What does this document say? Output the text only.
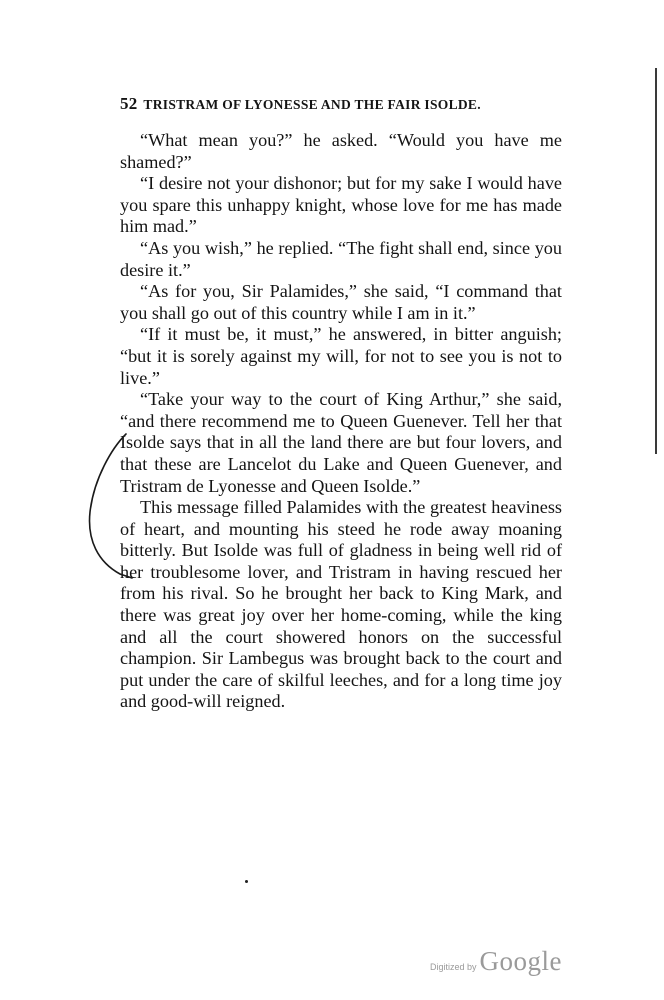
52 TRISTRAM OF LYONESSE AND THE FAIR ISOLDE.

“What mean you?” he asked. “Would you have me shamed?”

“I desire not your dishonor; but for my sake I would have you spare this unhappy knight, whose love for me has made him mad.”

“As you wish,” he replied. “The fight shall end, since you desire it.”

“As for you, Sir Palamides,” she said, “I command that you shall go out of this country while I am in it.”

“If it must be, it must,” he answered, in bitter anguish; “but it is sorely against my will, for not to see you is not to live.”

“Take your way to the court of King Arthur,” she said, “and there recommend me to Queen Guenever. Tell her that Isolde says that in all the land there are but four lovers, and that these are Lancelot du Lake and Queen Guenever, and Tristram de Lyonesse and Queen Isolde.”

This message filled Palamides with the greatest heaviness of heart, and mounting his steed he rode away moaning bitterly. But Isolde was full of gladness in being well rid of her troublesome lover, and Tristram in having rescued her from his rival. So he brought her back to King Mark, and there was great joy over her home-coming, while the king and all the court showered honors on the successful champion. Sir Lambegus was brought back to the court and put under the care of skilful leeches, and for a long time joy and good-will reigned.

Digitized by Google
